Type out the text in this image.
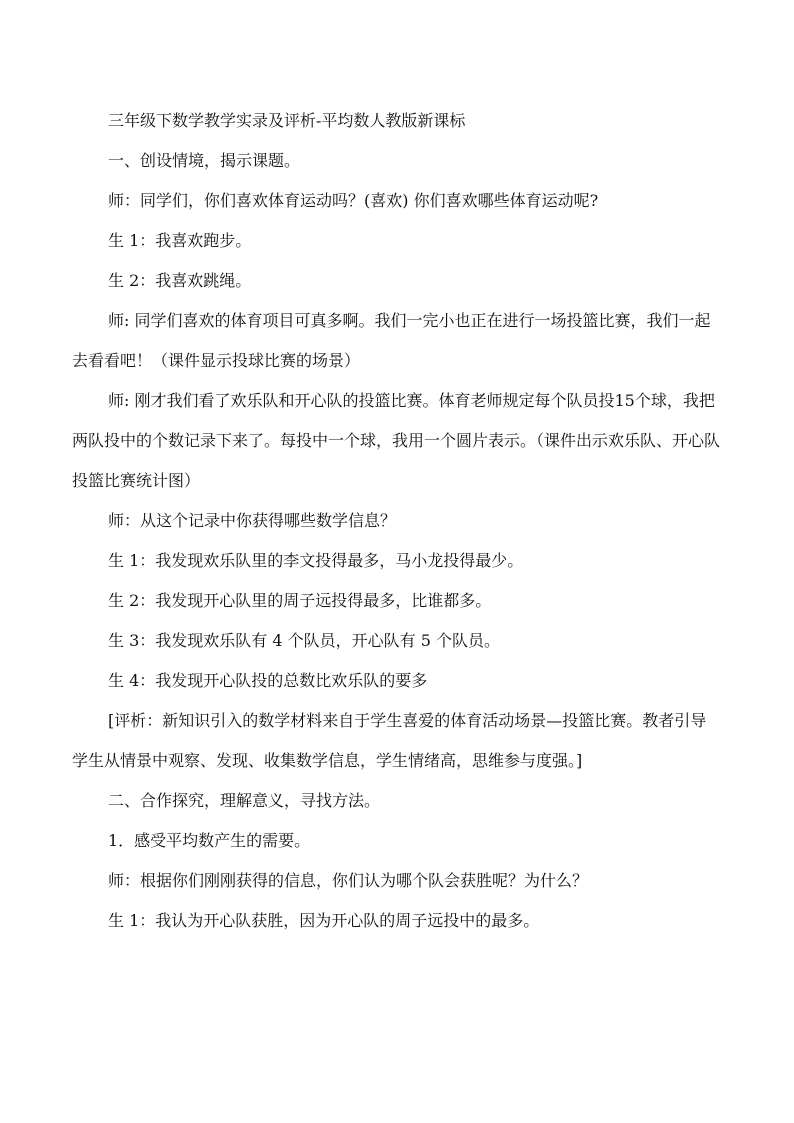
三年级下数学教学实录及评析-平均数人教版新课标

一、创设情境，揭示课题。

师：同学们，你们喜欢体育运动吗？(喜欢) 你们喜欢哪些体育运动呢?

生 1：我喜欢跑步。

生 2：我喜欢跳绳。

师: 同学们喜欢的体育项目可真多啊。我们一完小也正在进行一场投篮比赛，我们一起去看看吧！（课件显示投球比赛的场景）

师: 刚才我们看了欢乐队和开心队的投篮比赛。体育老师规定每个队员投15个球，我把两队投中的个数记录下来了。每投中一个球，我用一个圆片表示。（课件出示欢乐队、开心队投篮比赛统计图）

师：从这个记录中你获得哪些数学信息？

生 1：我发现欢乐队里的李文投得最多，马小龙投得最少。

生 2：我发现开心队里的周子远投得最多，比谁都多。

生 3：我发现欢乐队有 4 个队员，开心队有 5 个队员。

生 4：我发现开心队投的总数比欢乐队的要多

[评析：新知识引入的数学材料来自于学生喜爱的体育活动场景—投篮比赛。教者引导学生从情景中观察、发现、收集数学信息，学生情绪高，思维参与度强。]

二、合作探究，理解意义，寻找方法。

1．感受平均数产生的需要。

师：根据你们刚刚获得的信息，你们认为哪个队会获胜呢？为什么？

生 1：我认为开心队获胜，因为开心队的周子远投中的最多。
